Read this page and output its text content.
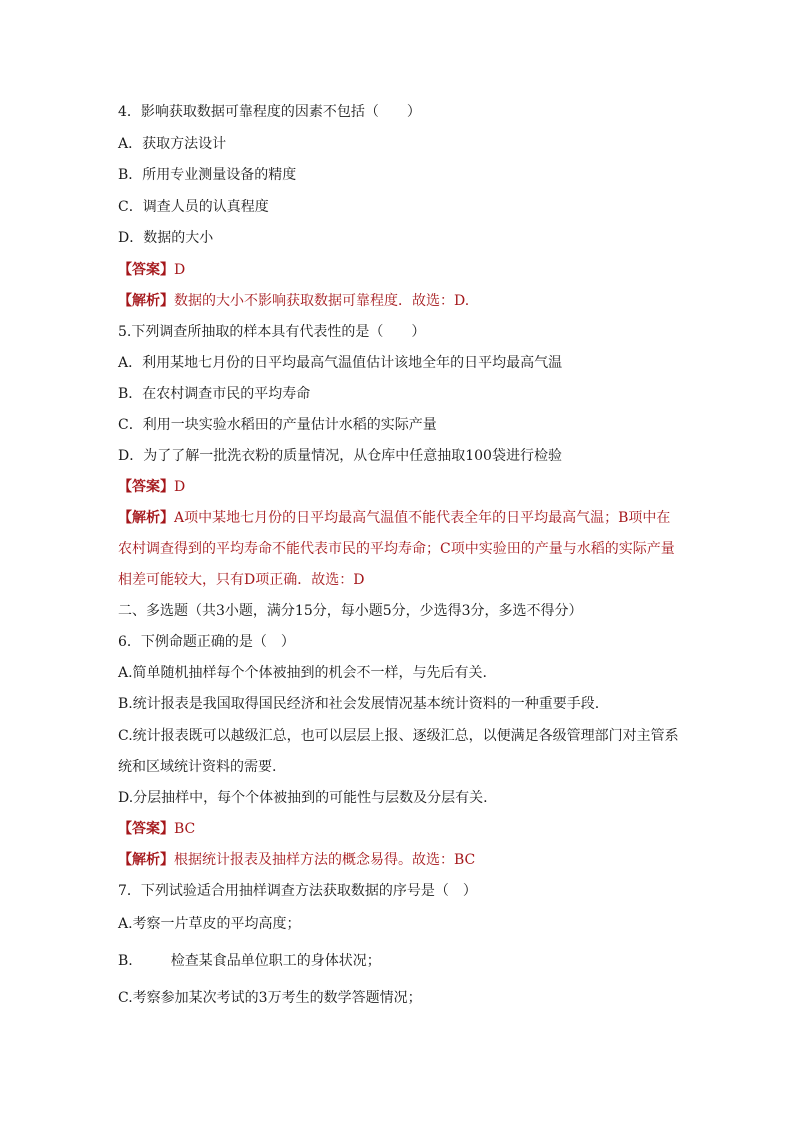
4．影响获取数据可靠程度的因素不包括（　　）
A．获取方法设计
B．所用专业测量设备的精度
C．调查人员的认真程度
D．数据的大小
【答案】D
【解析】数据的大小不影响获取数据可靠程度．故选：D.
5.下列调查所抽取的样本具有代表性的是（　　）
A．利用某地七月份的日平均最高气温值估计该地全年的日平均最高气温
B．在农村调查市民的平均寿命
C．利用一块实验水稻田的产量估计水稻的实际产量
D．为了了解一批洗衣粉的质量情况，从仓库中任意抽取100袋进行检验
【答案】D
【解析】A项中某地七月份的日平均最高气温值不能代表全年的日平均最高气温；B项中在
农村调查得到的平均寿命不能代表市民的平均寿命；C项中实验田的产量与水稻的实际产量
相差可能较大，只有D项正确．故选：D
二、多选题（共3小题，满分15分，每小题5分，少选得3分，多选不得分）
6．下例命题正确的是（　）
A.简单随机抽样每个个体被抽到的机会不一样，与先后有关.
B.统计报表是我国取得国民经济和社会发展情况基本统计资料的一种重要手段.
C.统计报表既可以越级汇总，也可以层层上报、逐级汇总，以便满足各级管理部门对主管系
统和区域统计资料的需要.
D.分层抽样中，每个个体被抽到的可能性与层数及分层有关.
【答案】BC
【解析】根据统计报表及抽样方法的概念易得。故选：BC
7．下列试验适合用抽样调查方法获取数据的序号是（　）
A.考察一片草皮的平均高度；
B.	检查某食品单位职工的身体状况；
C.考察参加某次考试的3万考生的数学答题情况；
